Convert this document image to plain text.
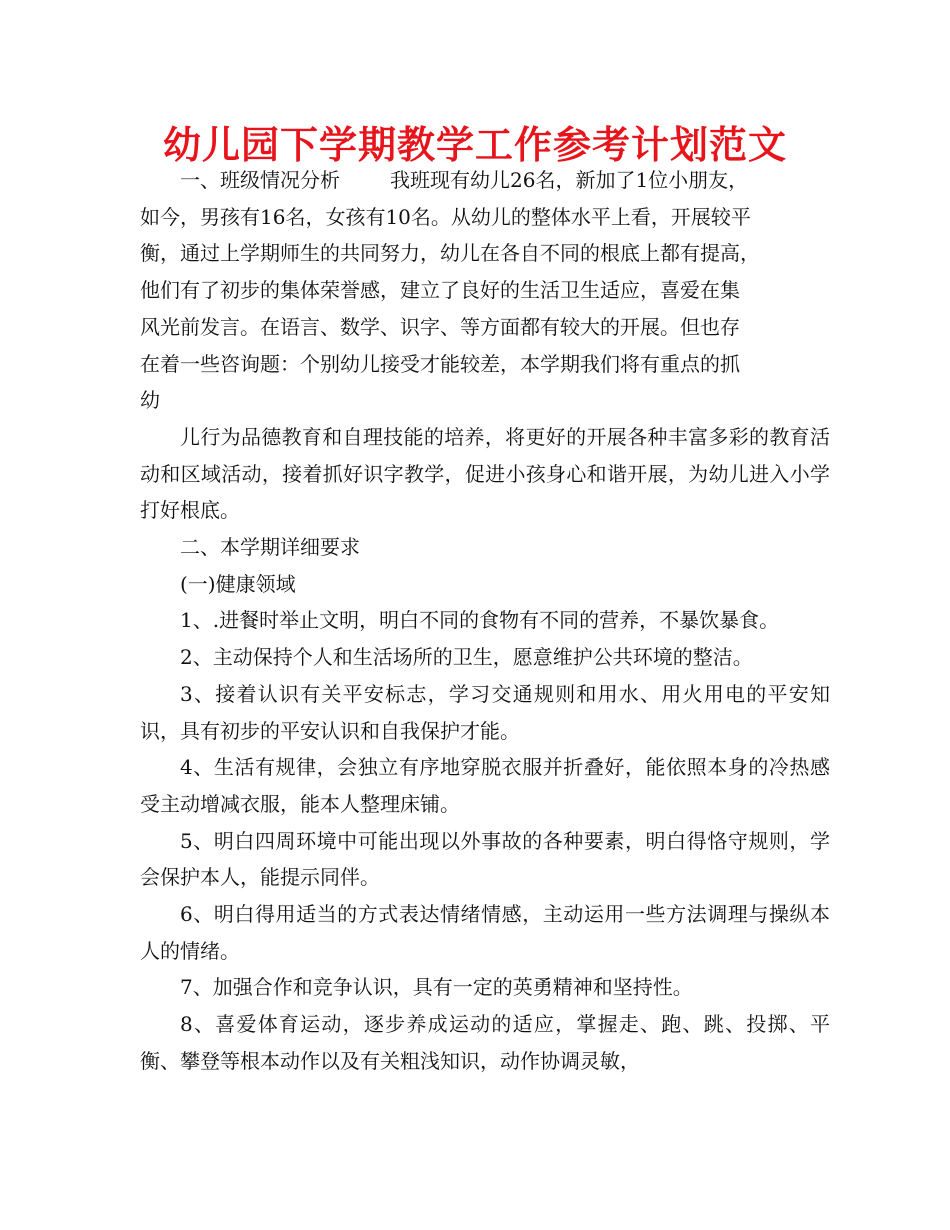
幼儿园下学期教学工作参考计划范文

一、班级情况分析	我班现有幼儿26名，新加了1位小朋友，

如今，男孩有16名，女孩有10名。从幼儿的整体水平上看，开展较平
衡，通过上学期师生的共同努力，幼儿在各自不同的根底上都有提高，
他们有了初步的集体荣誉感，建立了良好的生活卫生适应，喜爱在集
风光前发言。在语言、数学、识字、等方面都有较大的开展。但也存
在着一些咨询题：个别幼儿接受才能较差，本学期我们将有重点的抓
幼

儿行为品德教育和自理技能的培养，将更好的开展各种丰富多彩的教育活动和区域活动，接着抓好识字教学，促进小孩身心和谐开展，为幼儿进入小学打好根底。

二、本学期详细要求

(一)健康领域

1、.进餐时举止文明，明白不同的食物有不同的营养，不暴饮暴食。

2、主动保持个人和生活场所的卫生，愿意维护公共环境的整洁。

3、接着认识有关平安标志，学习交通规则和用水、用火用电的平安知识，具有初步的平安认识和自我保护才能。

4、生活有规律，会独立有序地穿脱衣服并折叠好，能依照本身的冷热感受主动增减衣服，能本人整理床铺。

5、明白四周环境中可能出现以外事故的各种要素，明白得恪守规则，学会保护本人，能提示同伴。

6、明白得用适当的方式表达情绪情感，主动运用一些方法调理与操纵本人的情绪。

7、加强合作和竞争认识，具有一定的英勇精神和坚持性。

8、喜爱体育运动，逐步养成运动的适应，掌握走、跑、跳、投掷、平衡、攀登等根本动作以及有关粗浅知识，动作协调灵敏，
